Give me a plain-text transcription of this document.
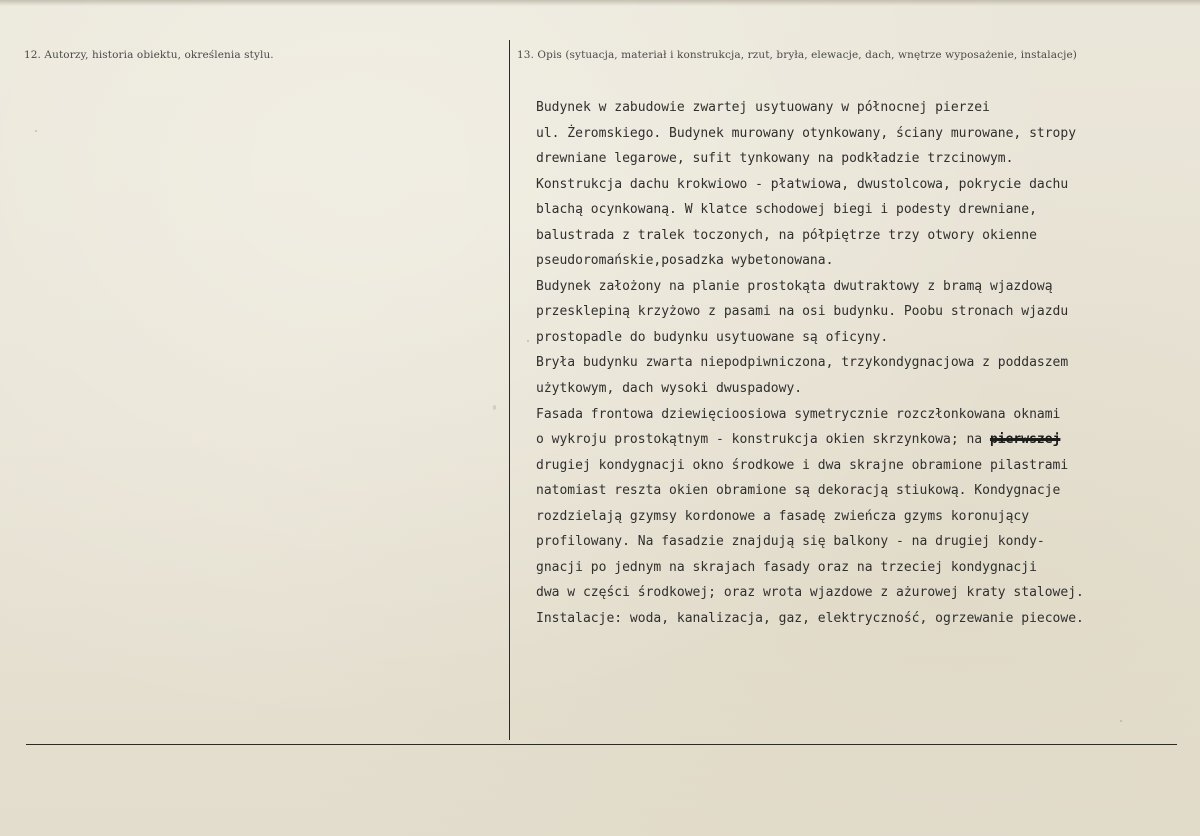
12. Autorzy, historia obiektu, określenia stylu.	13. Opis (sytuacja, materiał i konstrukcja, rzut, bryła, elewacje, dach, wnętrze wyposażenie, instalacje)
Budynek w zabudowie zwartej usytuowany w północnej pierzei
ul. Żeromskiego. Budynek murowany otynkowany, ściany murowane, stropy
drewniane legarowe, sufit tynkowany na podkładzie trzcinowym.
Konstrukcja dachu krokwiowo - płatwiowa, dwustolcowa, pokrycie dachu
blachą ocynkowaną. W klatce schodowej biegi i podesty drewniane,
balustrada z tralek toczonych, na półpiętrze trzy otwory okienne
pseudoromańskie,posadzka wybetonowana.
Budynek założony na planie prostokąta dwutraktowy z bramą wjazdową
przesklepiną krzyżowo z pasami na osi budynku. Poobu stronach wjazdu
prostopadle do budynku usytuowane są oficyny.
Bryła budynku zwarta niepodpiwniczona, trzykondygnacjowa z poddaszem
użytkowym, dach wysoki dwuspadowy.
Fasada frontowa dziewięcioosiowa symetrycznie rozczłonkowana oknami
o wykroju prostokątnym - konstrukcja okien skrzynkowa; na pierwszej
drugiej kondygnacji okno środkowe i dwa skrajne obramione pilastrami
natomiast reszta okien obramione są dekoracją stiukową. Kondygnacje
rozdzielają gzymsy kordonowe a fasadę zwieńcza gzyms koronujący
profilowany. Na fasadzie znajdują się balkony - na drugiej kondy-
gnacji po jednym na skrajach fasady oraz na trzeciej kondygnacji
dwa w części środkowej; oraz wrota wjazdowe z ażurowej kraty stalowej.
Instalacje: woda, kanalizacja, gaz, elektryczność, ogrzewanie piecowe.
